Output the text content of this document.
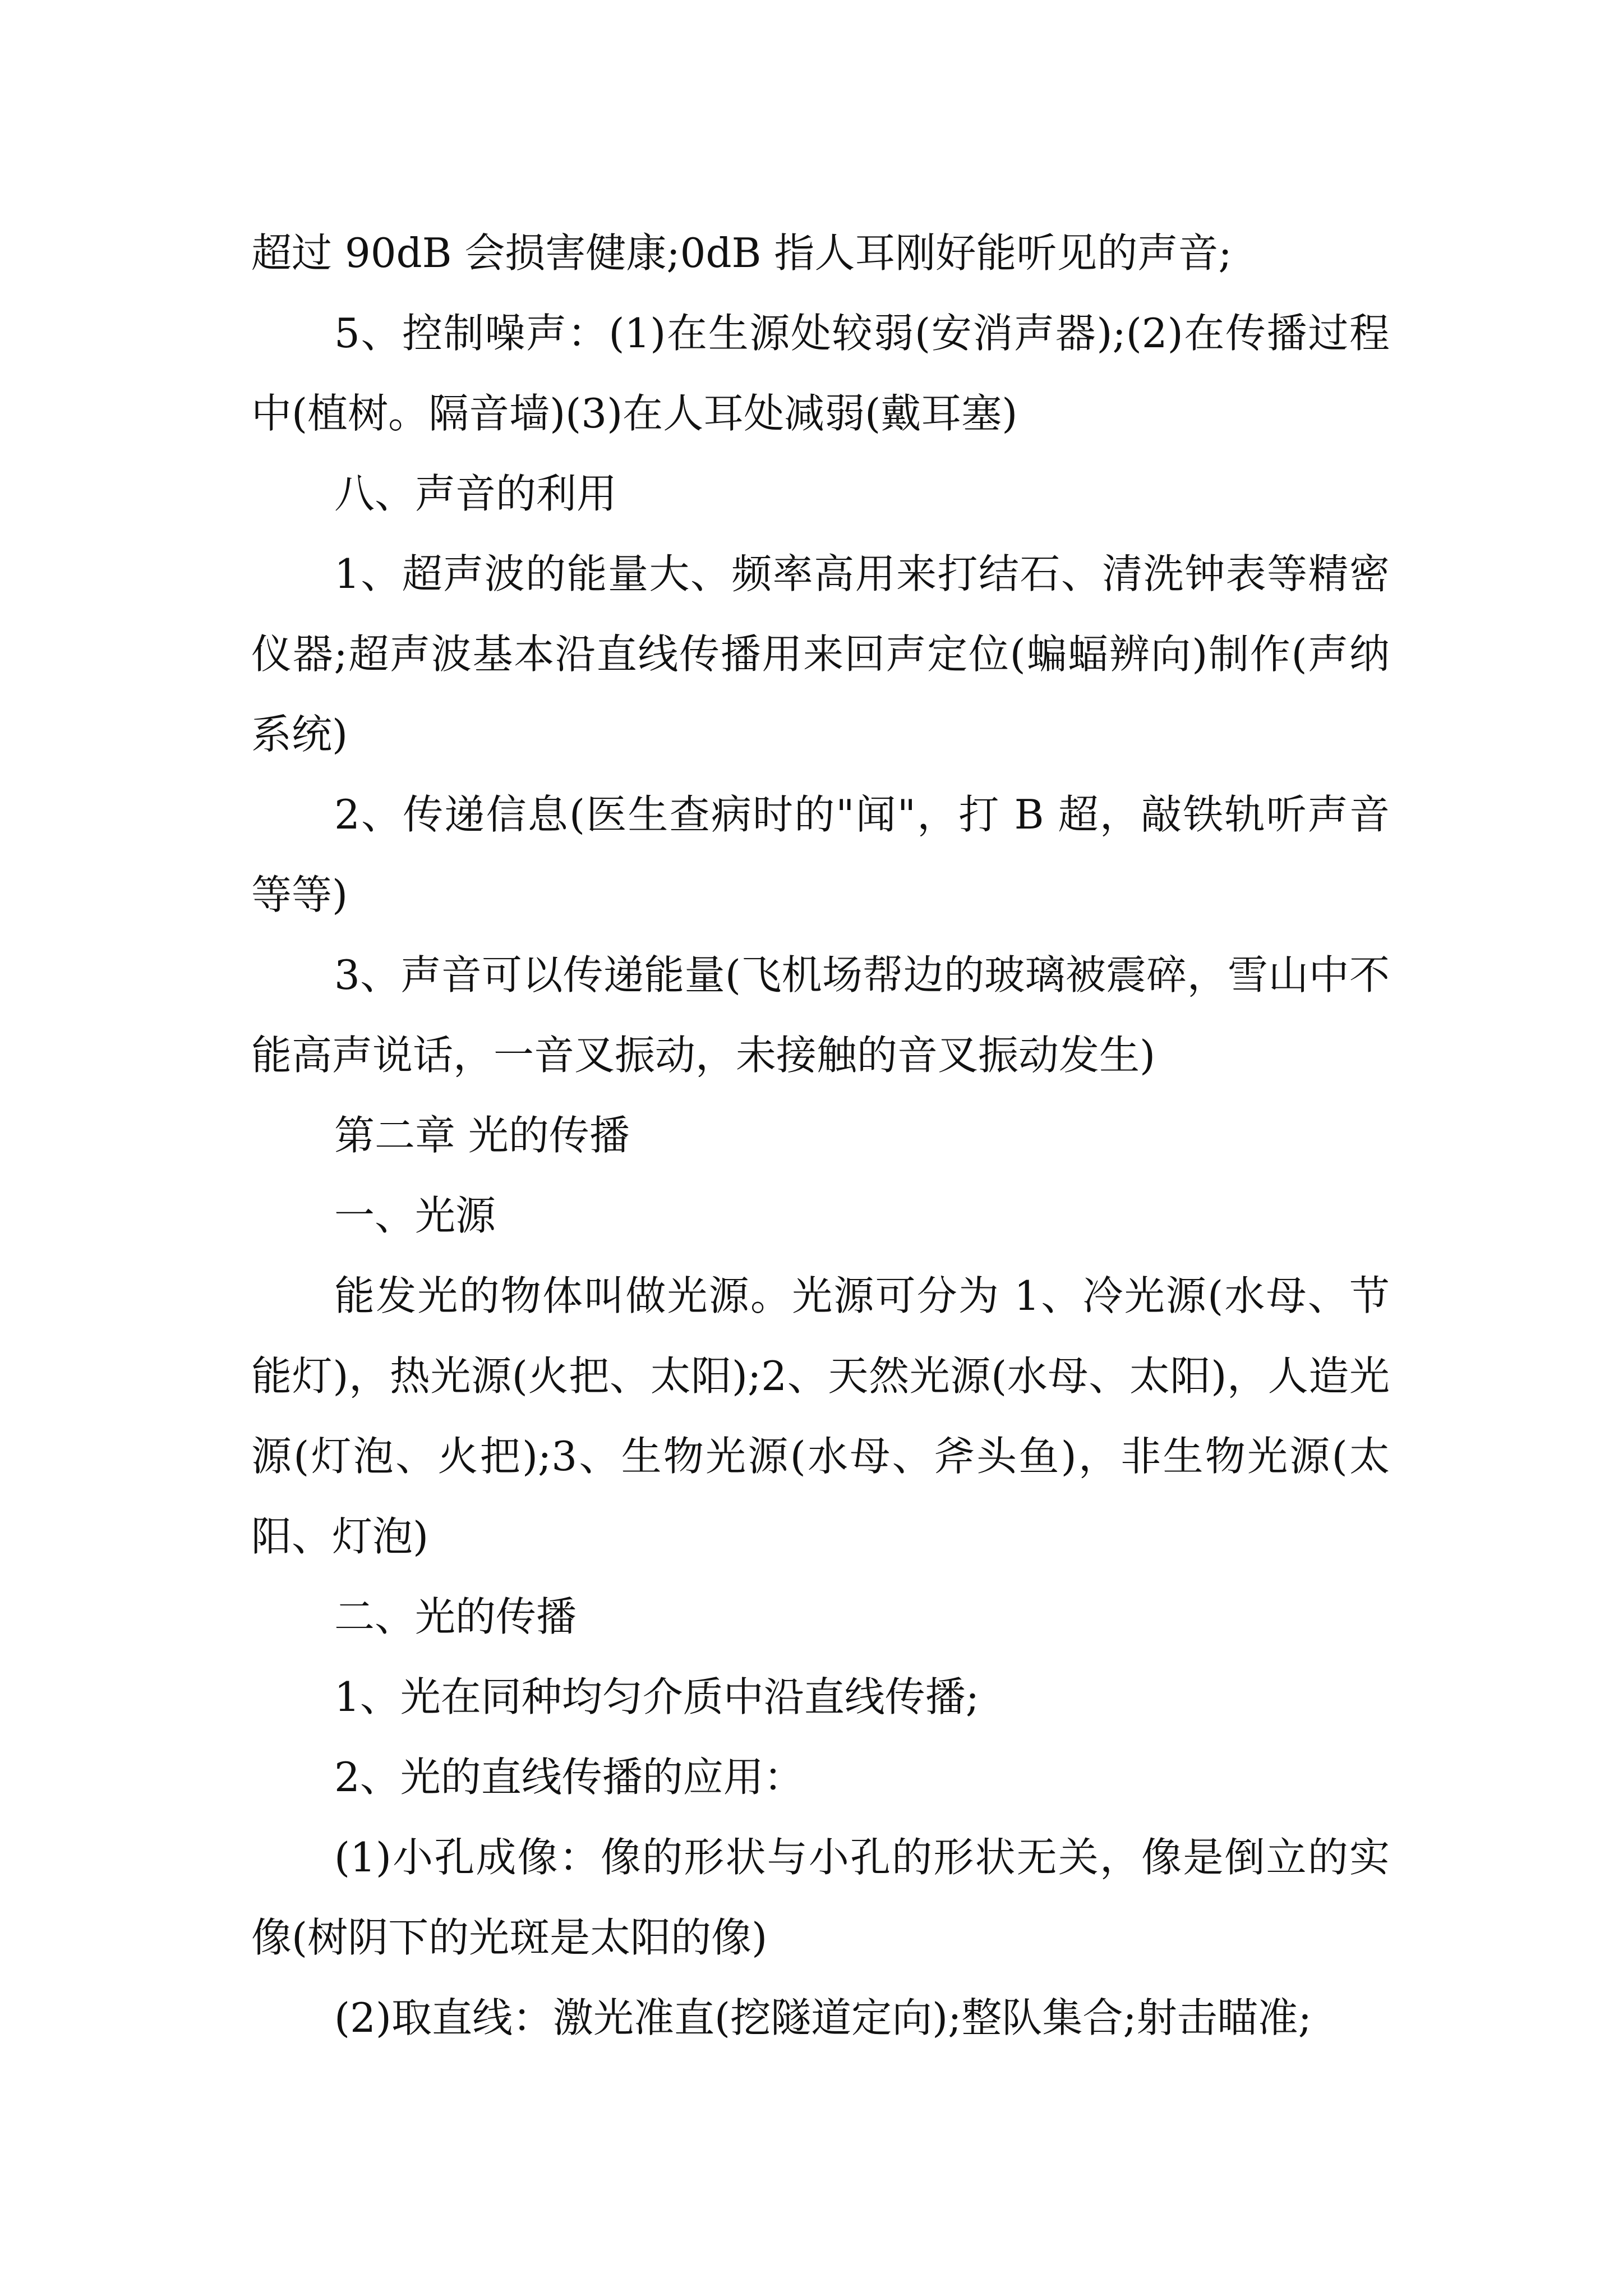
超过 90dB 会损害健康;0dB 指人耳刚好能听见的声音;

5、控制噪声：(1)在生源处较弱(安消声器);(2)在传播过程中(植树。隔音墙)(3)在人耳处减弱(戴耳塞)

八、声音的利用

1、超声波的能量大、频率高用来打结石、清洗钟表等精密仪器;超声波基本沿直线传播用来回声定位(蝙蝠辨向)制作(声纳系统)

2、传递信息(医生查病时的"闻"，打 B 超，敲铁轨听声音等等)

3、声音可以传递能量(飞机场帮边的玻璃被震碎，雪山中不能高声说话，一音叉振动，未接触的音叉振动发生)

第二章 光的传播

一、光源

能发光的物体叫做光源。光源可分为 1、冷光源(水母、节能灯)，热光源(火把、太阳);2、天然光源(水母、太阳)，人造光源(灯泡、火把);3、生物光源(水母、斧头鱼)，非生物光源(太阳、灯泡)

二、光的传播

1、光在同种均匀介质中沿直线传播;

2、光的直线传播的应用：

(1)小孔成像：像的形状与小孔的形状无关，像是倒立的实像(树阴下的光斑是太阳的像)

(2)取直线：激光准直(挖隧道定向);整队集合;射击瞄准;
